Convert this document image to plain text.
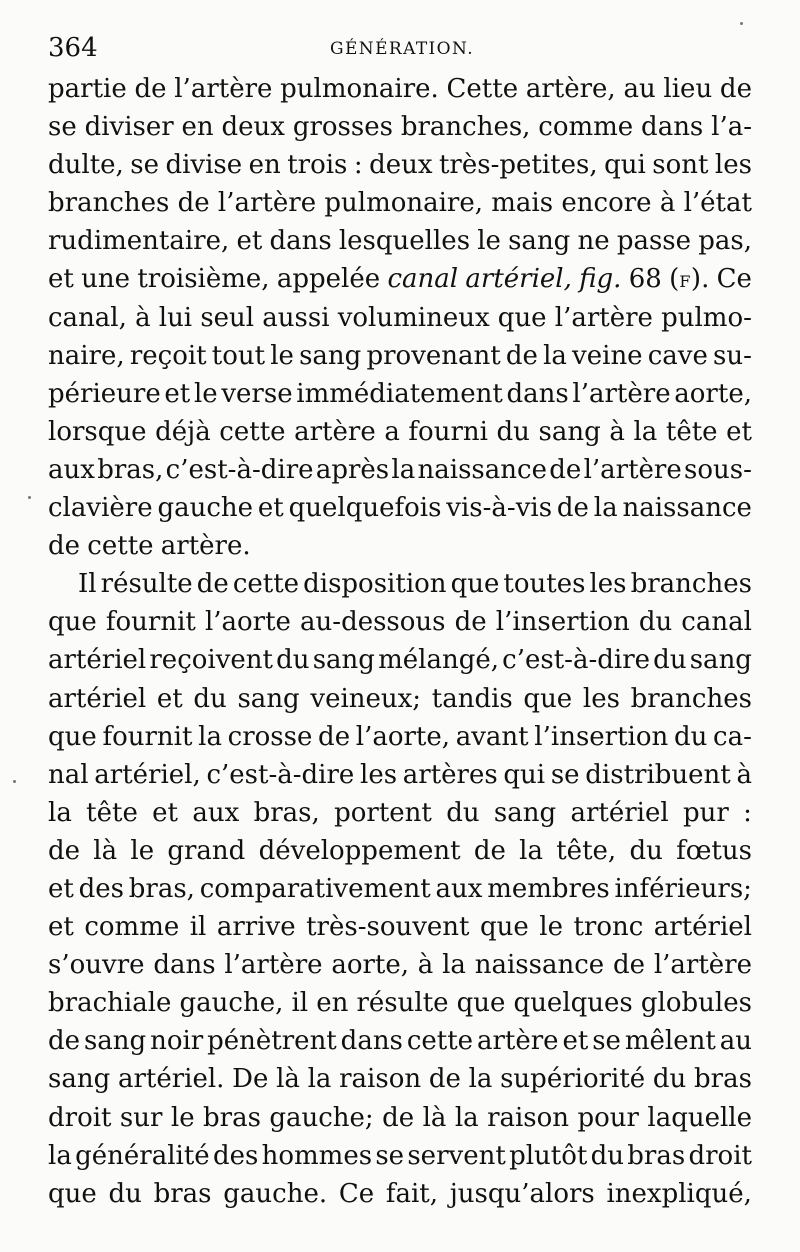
364	GÉNÉRATION.
partie de l’artère pulmonaire. Cette artère, au lieu de
se diviser en deux grosses branches, comme dans l’a-
dulte, se divise en trois : deux très-petites, qui sont les
branches de l’artère pulmonaire, mais encore à l’état
rudimentaire, et dans lesquelles le sang ne passe pas,
et une troisième, appelée canal artériel, fig. 68 (F). Ce
canal, à lui seul aussi volumineux que l’artère pulmo-
naire, reçoit tout le sang provenant de la veine cave su-
périeure et le verse immédiatement dans l’artère aorte,
lorsque déjà cette artère a fourni du sang à la tête et
aux bras, c’est-à-dire après la naissance de l’artère sous-
clavière gauche et quelquefois vis-à-vis de la naissance
de cette artère.
Il résulte de cette disposition que toutes les branches
que fournit l’aorte au-dessous de l’insertion du canal
artériel reçoivent du sang mélangé, c’est-à-dire du sang
artériel et du sang veineux; tandis que les branches
que fournit la crosse de l’aorte, avant l’insertion du ca-
nal artériel, c’est-à-dire les artères qui se distribuent à
la tête et aux bras, portent du sang artériel pur :
de là le grand développement de la tête, du fœtus
et des bras, comparativement aux membres inférieurs;
et comme il arrive très-souvent que le tronc artériel
s’ouvre dans l’artère aorte, à la naissance de l’artère
brachiale gauche, il en résulte que quelques globules
de sang noir pénètrent dans cette artère et se mêlent au
sang artériel. De là la raison de la supériorité du bras
droit sur le bras gauche; de là la raison pour laquelle
la généralité des hommes se servent plutôt du bras droit
que du bras gauche. Ce fait, jusqu’alors inexpliqué,
